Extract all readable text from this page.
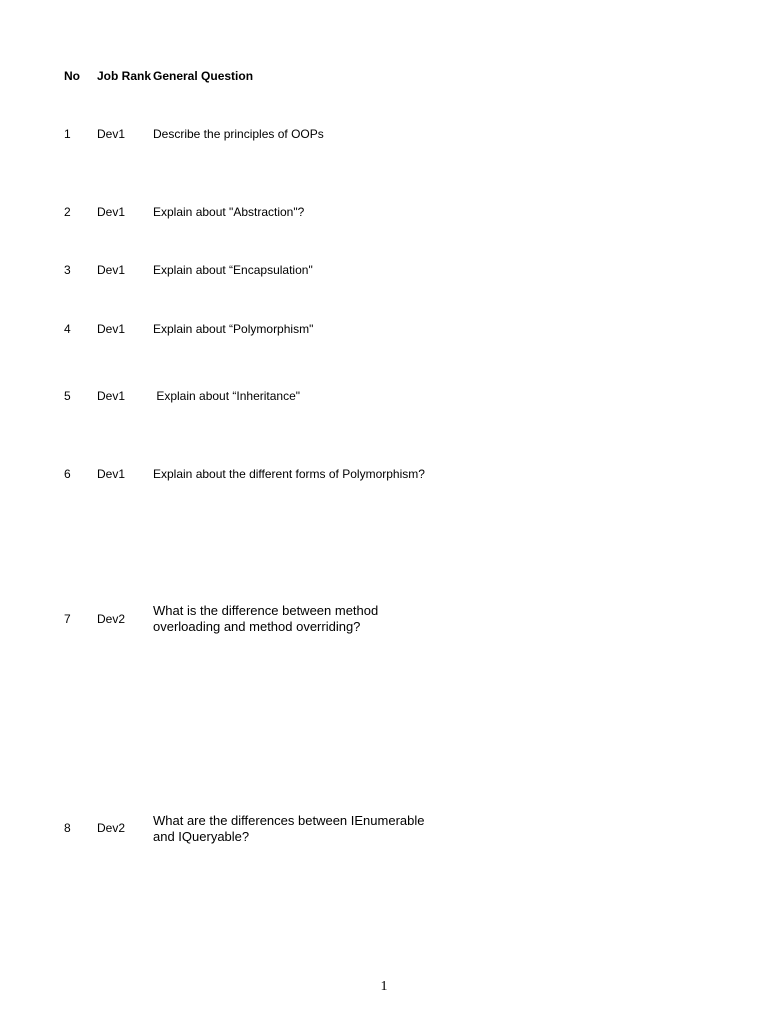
No Job Rank General Question
1 Dev1 Describe the principles of OOPs
2 Dev1 Explain about "Abstraction"?
3 Dev1 Explain about “Encapsulation"
4 Dev1 Explain about “Polymorphism"
5 Dev1 Explain about “Inheritance"
6 Dev1 Explain about the different forms of Polymorphism?
7 Dev2
What is the difference between method
overloading and method overriding?
8 Dev2 What are the differences between IEnumerable
and IQueryable?
1
